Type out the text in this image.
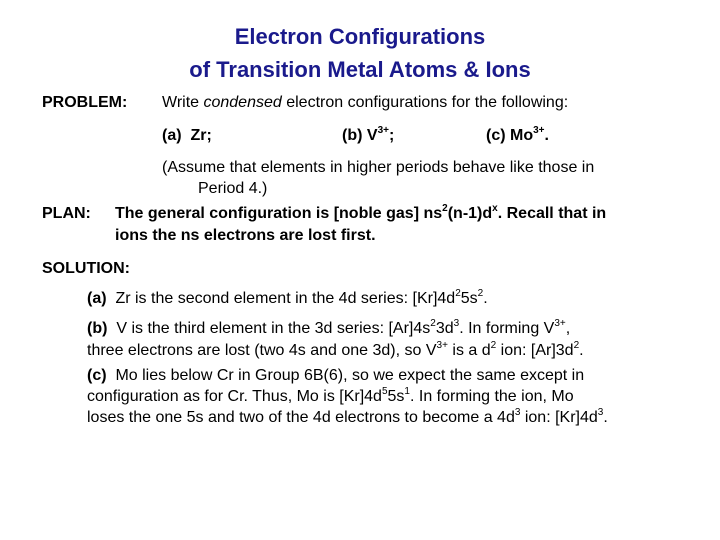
Electron Configurations
of Transition Metal Atoms & Ions
PROBLEM: Write condensed electron configurations for the following:
(a) Zr;	(b) $V^{3+}$;	(c) $Mo^{3+}$.
(Assume that elements in higher periods behave like those in
Period 4.)
PLAN: The general configuration is [noble gas] $ns^2(n-1)d^x$. Recall that in
ions the ns electrons are lost first.
SOLUTION:
(a) Zr is the second element in the 4d series: $[Kr]4d^25s^2$.
(b) V is the third element in the 3d series: $[Ar]4s^23d^3$. In forming $V^{3+}$,
three electrons are lost (two 4s and one 3d), so $V^{3+}$ is a $d^2$ ion: $[Ar]3d^2$.
(c) Mo lies below Cr in Group 6B(6), so we expect the same except in
configuration as for Cr. Thus, Mo is $[Kr]4d^55s^1$. In forming the ion, Mo
loses the one 5s and two of the 4d electrons to become a $4d^3$ ion: $[Kr]4d^3$.
